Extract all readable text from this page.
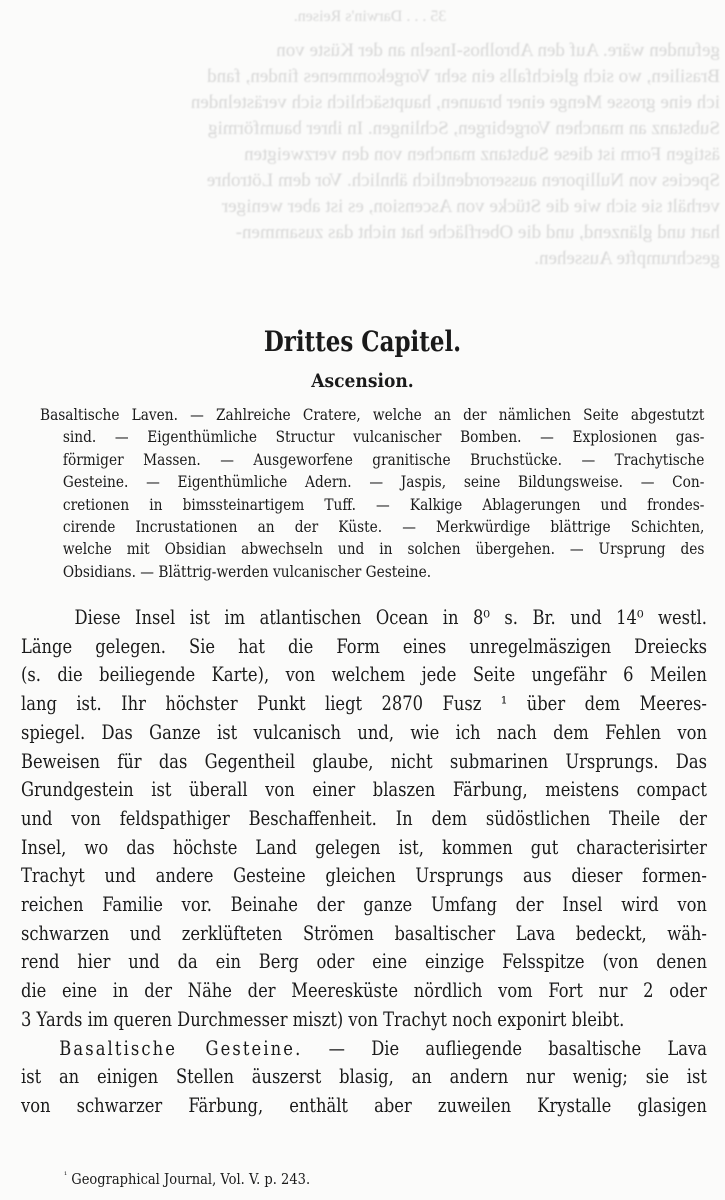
35 . . . Darwin's Reisen.
gefunden wäre. Auf den Abrolhos-Inseln an der Küste von
Brasilien, wo sich gleichfalls ein sehr Vorgekommenes finden, fand
ich eine grosse Menge einer braunen, hauptsächlich sich verästelnden
Substanz an manchen Vorgebirgen, Schlingen. In ihrer baumförmig
ästigen Form ist diese Substanz manchen von den verzweigten
Species von Nulliporen ausserordentlich ähnlich. Vor dem Lötrohre
verhält sie sich wie die Stücke von Ascension, es ist aber weniger
hart und glänzend, und die Oberfläche hat nicht das zusammen-
geschrumpfte Aussehen.
Drittes Capitel.
Ascension.
Basaltische Laven. — Zahlreiche Cratere, welche an der nämlichen Seite abgestutzt
sind. — Eigenthümliche Structur vulcanischer Bomben. — Explosionen gas-
förmiger Massen. — Ausgeworfene granitische Bruchstücke. — Trachytische
Gesteine. — Eigenthümliche Adern. — Jaspis, seine Bildungsweise. — Con-
cretionen in bimssteinartigem Tuff. — Kalkige Ablagerungen und frondes-
cirende Incrustationen an der Küste. — Merkwürdige blättrige Schichten,
welche mit Obsidian abwechseln und in solchen übergehen. — Ursprung des
Obsidians. — Blättrig-werden vulcanischer Gesteine.
Diese Insel ist im atlantischen Ocean in 8⁰ s. Br. und 14⁰ westl.
Länge gelegen. Sie hat die Form eines unregelmäszigen Dreiecks
(s. die beiliegende Karte), von welchem jede Seite ungefähr 6 Meilen
lang ist. Ihr höchster Punkt liegt 2870 Fusz ¹ über dem Meeres-
spiegel. Das Ganze ist vulcanisch und, wie ich nach dem Fehlen von
Beweisen für das Gegentheil glaube, nicht submarinen Ursprungs. Das
Grundgestein ist überall von einer blaszen Färbung, meistens compact
und von feldspathiger Beschaffenheit. In dem südöstlichen Theile der
Insel, wo das höchste Land gelegen ist, kommen gut characterisirter
Trachyt und andere Gesteine gleichen Ursprungs aus dieser formen-
reichen Familie vor. Beinahe der ganze Umfang der Insel wird von
schwarzen und zerklüfteten Strömen basaltischer Lava bedeckt, wäh-
rend hier und da ein Berg oder eine einzige Felsspitze (von denen
die eine in der Nähe der Meeresküste nördlich vom Fort nur 2 oder
3 Yards im queren Durchmesser miszt) von Trachyt noch exponirt bleibt.
Basaltische Gesteine. — Die aufliegende basaltische Lava
ist an einigen Stellen äuszerst blasig, an andern nur wenig; sie ist
von schwarzer Färbung, enthält aber zuweilen Krystalle glasigen
$^{^1}$ Geographical Journal, Vol. V. p. 243.
